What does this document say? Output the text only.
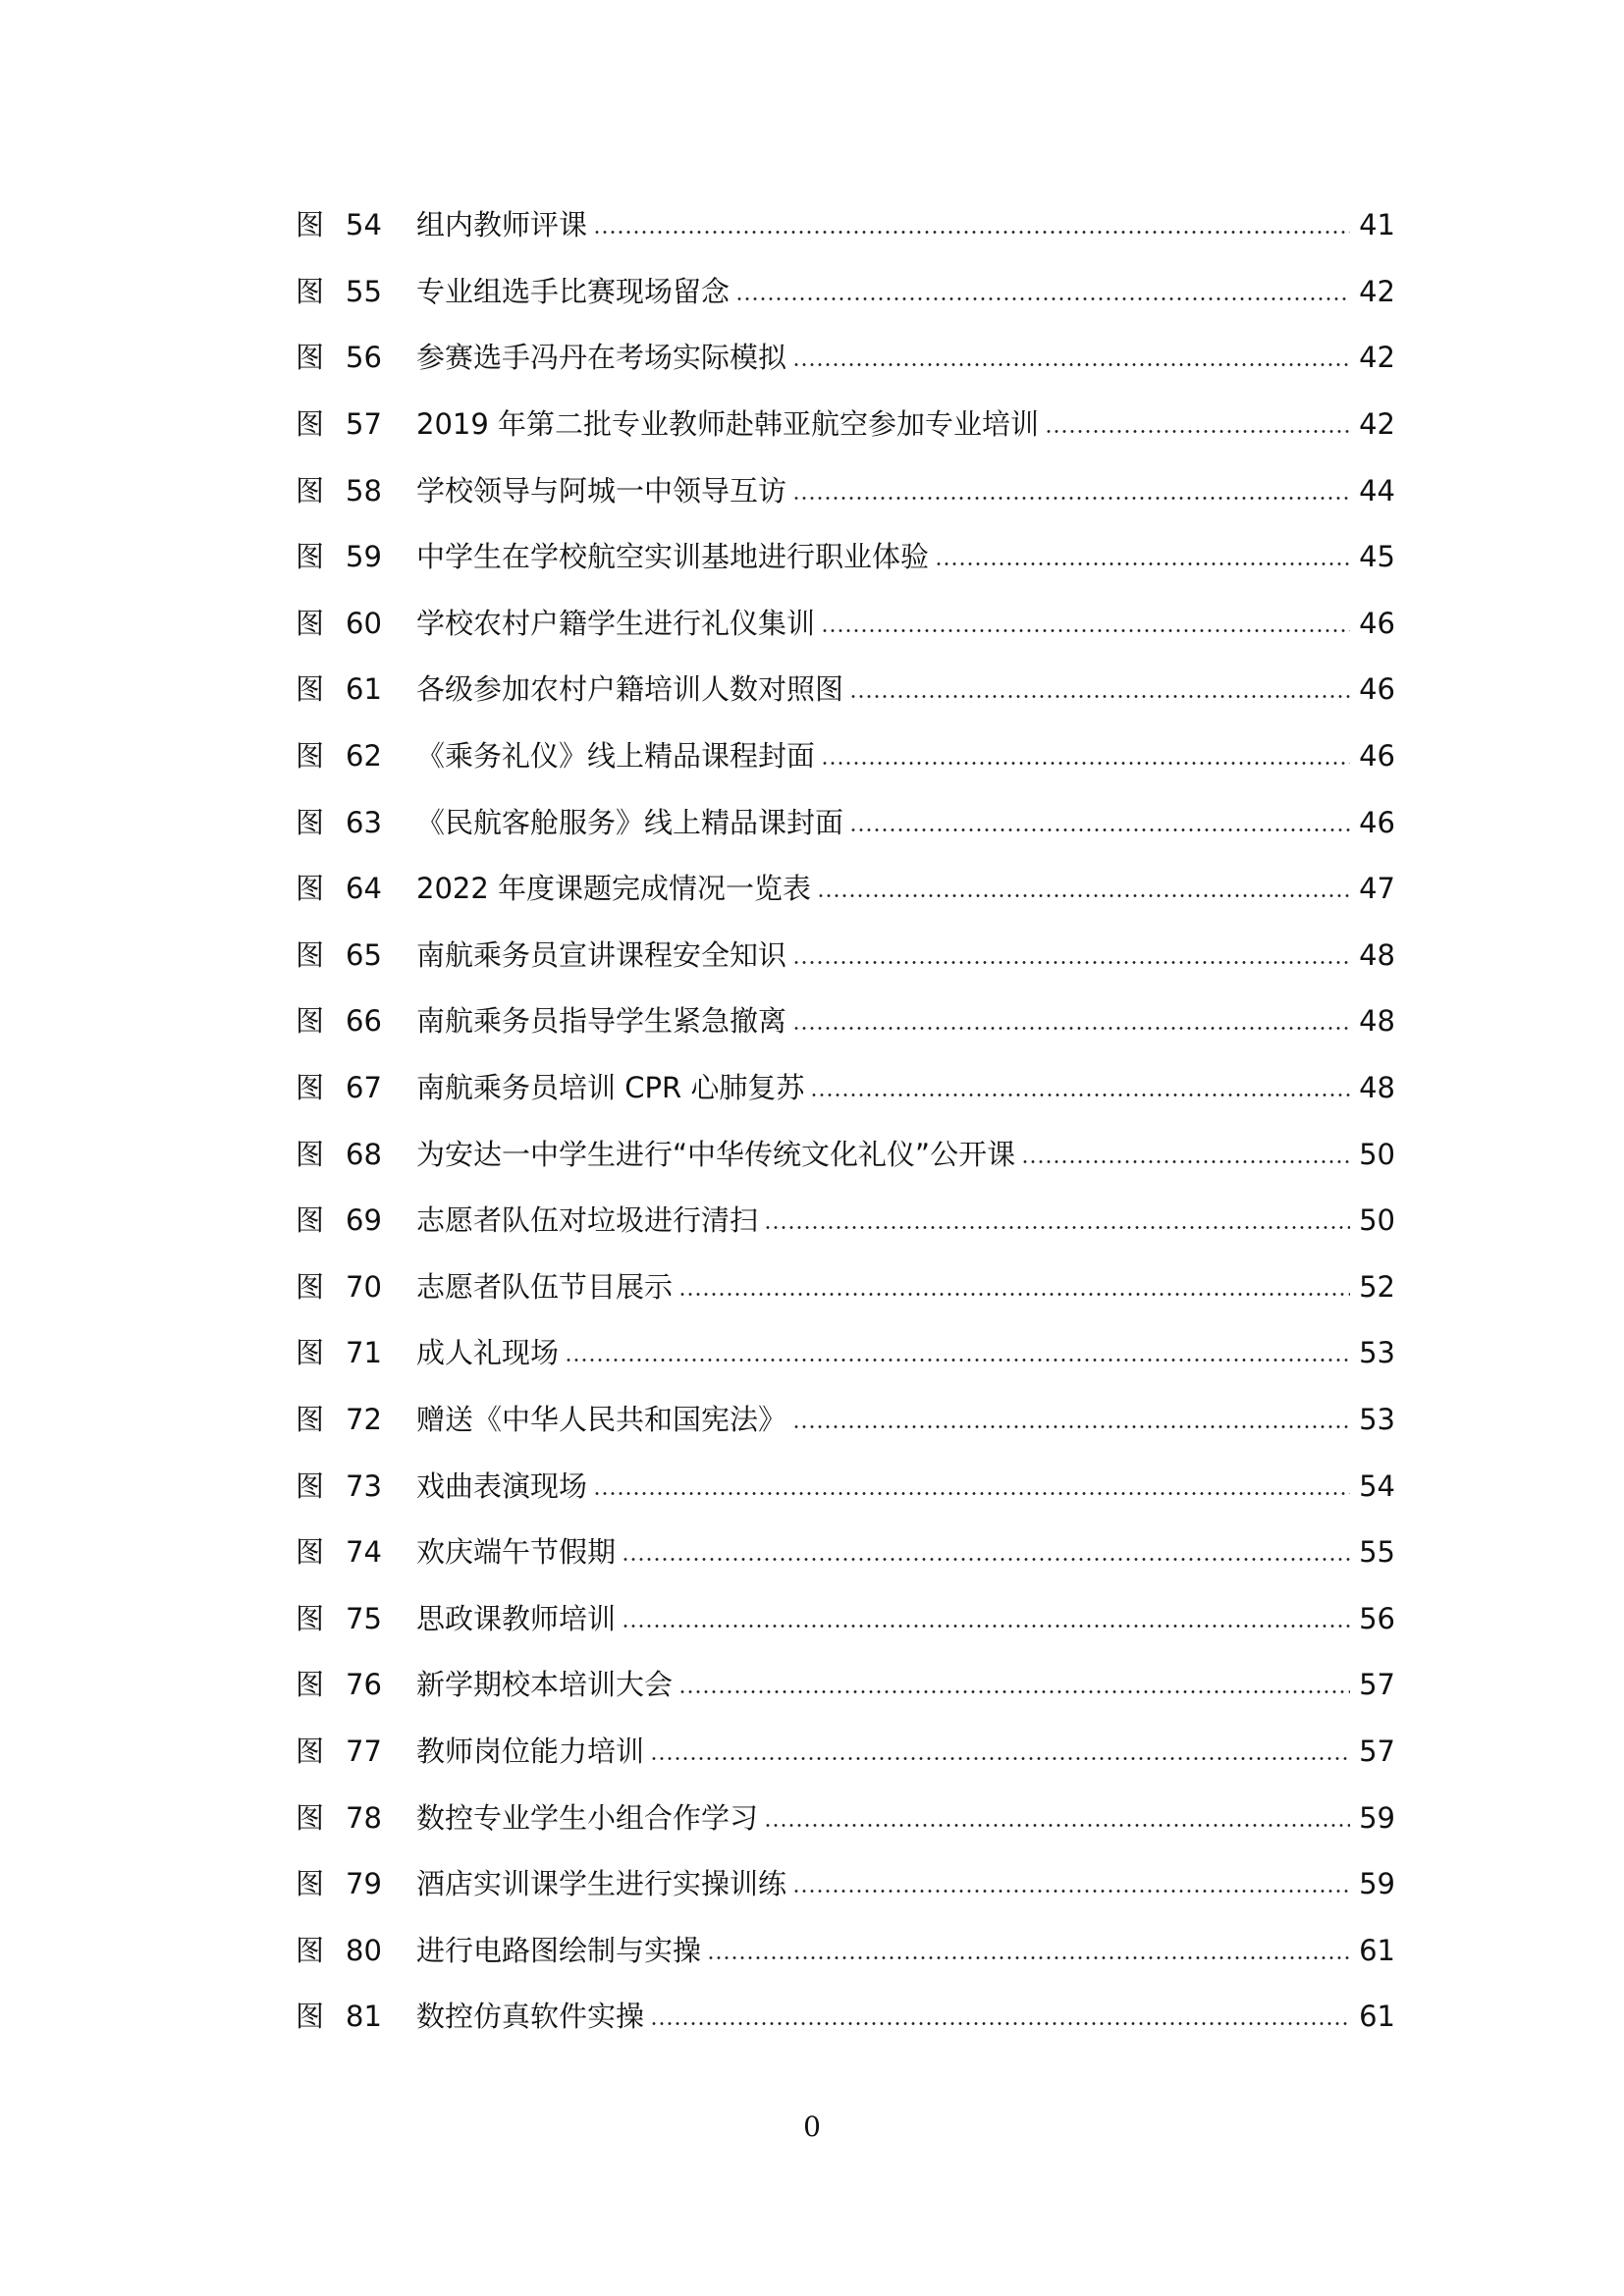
图 54	组内教师评课	41
图 55	专业组选手比赛现场留念	42
图 56	参赛选手冯丹在考场实际模拟	42
图 57	2019 年第二批专业教师赴韩亚航空参加专业培训	42
图 58	学校领导与阿城一中领导互访	44
图 59	中学生在学校航空实训基地进行职业体验	45
图 60	学校农村户籍学生进行礼仪集训	46
图 61	各级参加农村户籍培训人数对照图	46
图 62	《乘务礼仪》线上精品课程封面	46
图 63	《民航客舱服务》线上精品课封面	46
图 64	2022 年度课题完成情况一览表	47
图 65	南航乘务员宣讲课程安全知识	48
图 66	南航乘务员指导学生紧急撤离	48
图 67	南航乘务员培训 CPR 心肺复苏	48
图 68	为安达一中学生进行“中华传统文化礼仪”公开课	50
图 69	志愿者队伍对垃圾进行清扫	50
图 70	志愿者队伍节目展示	52
图 71	成人礼现场	53
图 72	赠送《中华人民共和国宪法》	53
图 73	戏曲表演现场	54
图 74	欢庆端午节假期	55
图 75	思政课教师培训	56
图 76	新学期校本培训大会	57
图 77	教师岗位能力培训	57
图 78	数控专业学生小组合作学习	59
图 79	酒店实训课学生进行实操训练	59
图 80	进行电路图绘制与实操	61
图 81	数控仿真软件实操	61
0
